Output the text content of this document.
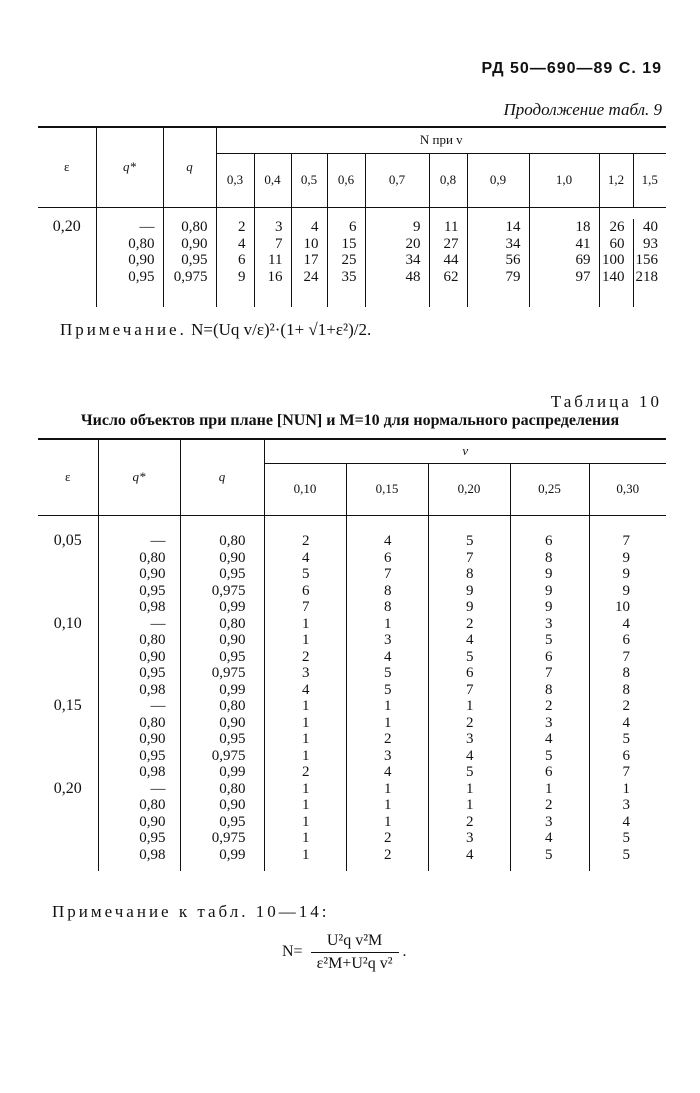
РД 50—690—89 С. 19
Продолжение табл. 9
ε	q*	q	N при v									
			0,3	0,4	0,5	0,6	0,7	0,8	0,9	1,0	1,2	1,5

0,20	—	0,80	2	3	4	6	9	11	14	18	26	40
	0,80	0,90	4	7	10	15	20	27	34	41	60	93
	0,90	0,95	6	11	17	25	34	44	56	69	100	156
	0,95	0,975	9	16	24	35	48	62	79	97	140	218

Примечание. N=(Uq v/ε)²·(1+ √1+ε²)/2.
Таблица 10
Число объектов при плане [NUN] и M=10 для нормального распределения
ε	q*	q	v				
			0,10	0,15	0,20	0,25	0,30

0,05	—	0,80	2	4	5	6	7
	0,80	0,90	4	6	7	8	9
	0,90	0,95	5	7	8	9	9
	0,95	0,975	6	8	9	9	9
	0,98	0,99	7	8	9	9	10
0,10	—	0,80	1	1	2	3	4
	0,80	0,90	1	3	4	5	6
	0,90	0,95	2	4	5	6	7
	0,95	0,975	3	5	6	7	8
	0,98	0,99	4	5	7	8	8
0,15	—	0,80	1	1	1	2	2
	0,80	0,90	1	1	2	3	4
	0,90	0,95	1	2	3	4	5
	0,95	0,975	1	3	4	5	6
	0,98	0,99	2	4	5	6	7
0,20	—	0,80	1	1	1	1	1
	0,80	0,90	1	1	1	2	3
	0,90	0,95	1	1	2	3	4
	0,95	0,975	1	2	3	4	5
	0,98	0,99	1	2	4	5	5

Примечание к табл. 10—14:
$N= \frac{\text{U²q v²M}}{\text{ε²M+U²q v²}}$ .
